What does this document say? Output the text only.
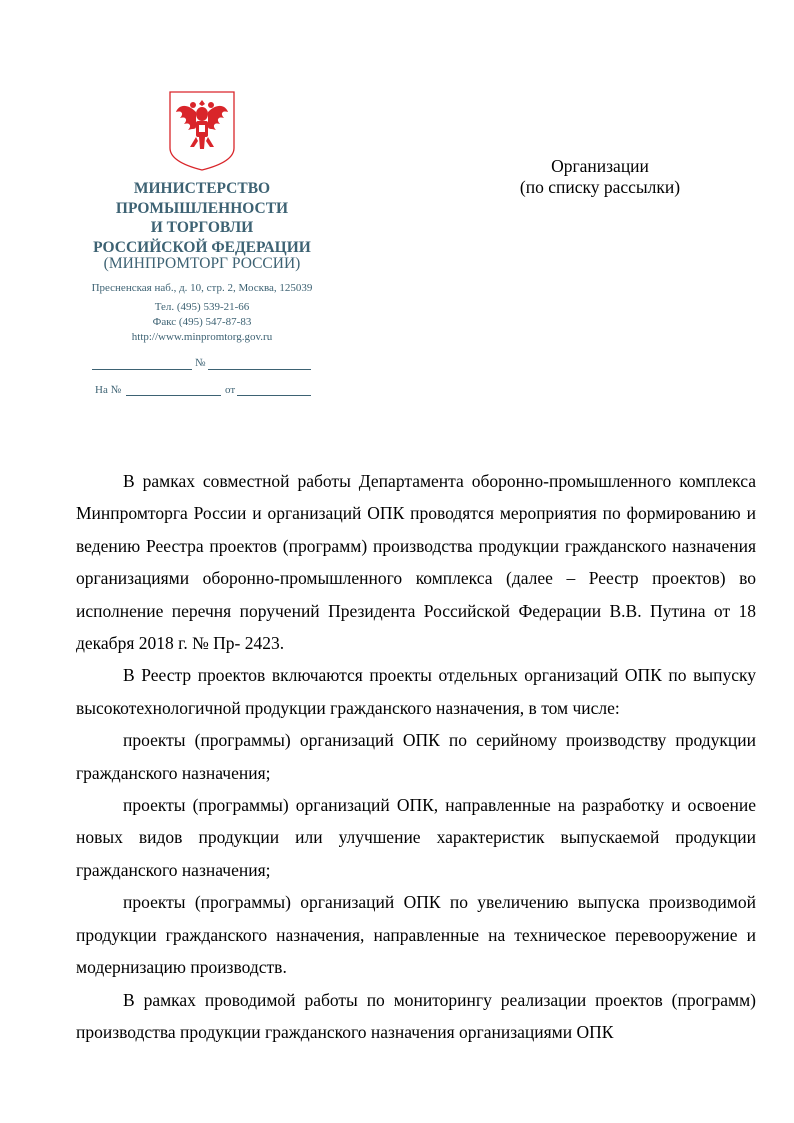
МИНИСТЕРСТВО
ПРОМЫШЛЕННОСТИ
И ТОРГОВЛИ
РОССИЙСКОЙ ФЕДЕРАЦИИ
(МИНПРОМТОРГ РОССИИ)
Пресненская наб., д. 10, стр. 2, Москва, 125039
Тел. (495) 539-21-66
Факс (495) 547-87-83
http://www.minpromtorg.gov.ru
№
На №	от
Организации
(по списку рассылки)

В рамках совместной работы Департамента оборонно-промышленного комплекса Минпромторга России и организаций ОПК проводятся мероприятия по формированию и ведению Реестра проектов (программ) производства продукции гражданского назначения организациями оборонно-промышленного комплекса (далее – Реестр проектов) во исполнение перечня поручений Президента Российской Федерации В.В. Путина от 18 декабря 2018 г. № Пр- 2423.

В Реестр проектов включаются проекты отдельных организаций ОПК по выпуску высокотехнологичной продукции гражданского назначения, в том числе:

проекты (программы) организаций ОПК по серийному производству продукции гражданского назначения;

проекты (программы) организаций ОПК, направленные на разработку и освоение новых видов продукции или улучшение характеристик выпускаемой продукции гражданского назначения;

проекты (программы) организаций ОПК по увеличению выпуска производимой продукции гражданского назначения, направленные на техническое перевооружение и модернизацию производств.

В рамках проводимой работы по мониторингу реализации проектов (программ) производства продукции гражданского назначения организациями ОПК
